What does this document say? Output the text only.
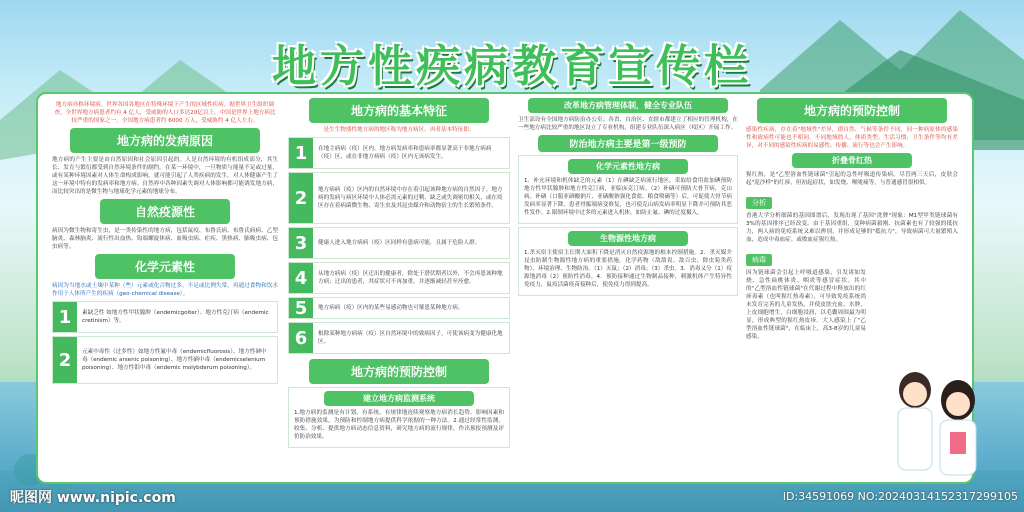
地方性疾病教育宣传栏
地方病亦称环境病。世界各国各地区在特殊环境下产生的区域性疾病。据世界卫生组织调查，全世界地方病患者约有 4 亿人，受威胁的人口多达20亿以上。中国是世界上地方病比较严重的国家之一，全国地方病患者约 6000 万人，受威胁约 4 亿人左右。
地方病的发病原因
地方病的产生主要是由自然原因和社会原因引起的。人是自然环境的有机组成部分，其生长、发育与繁衍都受到自然环境条件的制约。在某一环境中，一旦物质与能量不足或过量，或有某种环境因素对人体生命构成影响，就可能引起了人类疾病的发生。对人体健康产生了这一环境中特有的发病率和地方病。自然界中各种因素失调对人体影响都可能诱发地方病，而比较突出的是微生物与地球化学元素的地球分布。
自然疫源性
病因为微生物和寄生虫，是一类传染性的地方病，包括鼠疫、布鲁氏病、布鲁氏病病、乙型脑炎、森林脑炎、流行性出血热、钩端螺旋体病、血吸虫病、疟疾、黑热病、肺吸虫病、包虫病等。
化学元素性
病因为当地水或土壤中某种（些）元素或化合物过多、不足或比例失常，再通过食物和饮水作用于人体所产生的疾病（geo-chemical disease）。
1	素缺乏性 如地方性甲状腺肿（endemicgoiter）、地方性克汀病（endemic cretinism）等。
2	元素中毒性（过多性）如地方性氟中毒（endemicfluorosis）、地方性砷中毒（endemic arsenic poisoning）、地方性硒中毒（endemicselenium poisoning）、地方性钼中毒（endemic molybderum poisoning）。
地方病的基本特征
是生生物器性地方病的地区称为地方病区。再者基本特征即。
1	在地主病病（疫）区内，地方病发病率和患病率都显著高于非地方病病（疫）区，或在非地方病病（疫）区内无该病发生。
2	地方病病（疫）区内的自然环境中存在着引起该种地方病的自然因子。地方病的发病与病区环境中人体必需元素的过剩、缺乏或失调密切相关，或在疫区存在着病菌微生物、寄生虫及其昆虫媒介和动物宿主的生长繁殖条件。
3	健康人进入地方病病（疫）区同样有患病可能，且属于危险人群。
4	从地方病病（疫）区迁出的健康者，除处于潜伏期者以外，不会再患该种地方病；迁出的患者，其症状可不再加重，并逐渐减轻甚至痊愈。
5	地方病病（疫）区内的某些易感动物也可罹患某种地方病。
6	根除某种地方病病（疫）区自然环境中的致病因子，可使该病变为健康化地区。
地方病的预防控制
建立地方病监测系统
1.地方病的监测是有计划、有系统、有规律地连续观察地方病消长趋势、影响因素和预防措施效果，为预防和控制地方病提供科学依据的一种方法。2.通过经常性监测，收集、分析、提供地方病动态信息资料，研究地方病的流行规律，作出预报预测及评价防治效果。
改革地方病管理体制，健全专业队伍
卫生部设有全国地方病防治办公室；各省、自治区、直辖市都建立了相应的管理机构，在一些地方病比较严重的地区设立了专业机构，组建专业队伍深入病区（疫区）开展工作。
防治地方病主要是第一级预防
化学元素性地方病
1．补充环境和机体缺乏的元素（1）在碘缺乏病流行地区，采取给食用盐加碘预防地方性甲状腺肿和地方性克汀病，亚临床克汀病。（2）补硒可预防大骨节病，克山病。补硒（口服亚硒酸钠片、亚硒酸钠强化食盐、粮食喷硒等）后，可促使大骨节病发病率显著下降，患者骨骺端病变修复，也可使克山病发病率明显下降并可预防其恶性发作。2.限制环境中过多的元素进入机体，如防止氟、碘的过度摄入。
生物源性地方病
1.杀灭宿主使宿主长期大面积下降是消灭自然疫源地的根本控制措施。2．杀灭媒介昆虫防制生物源性地方病的重要措施。化学药物（敌敌畏、敌百虫、除虫菊类药物）、环境治理、生物防治。（1）灭鼠；（2）消毒；（3）杀虫。3．消毒又分（1）疫源地消毒（2）预防性消毒。4．预防接种通过生物制品接种，刺激机体产生特异性免疫力，鼠疫活菌疫苗接种后，使免疫力得到提高。
地方病的预防控制
感染性疾病，存在着"地域性"差异，即自然、气候等条件不同，同一种病原体的感染性和致病性可能也不相同。不同地域的人，体质类型、生活习惯、卫生条件等均有差异，对不同的感染性疾病的易感性、传播、流行等也会产生影响。
折叠骨红热
猩红热，是"乙型溶血性链球菌"引起的急性呼吸道传染病。尽管两三天后，皮肤会起"泥沙样"的红疹，但初起症状，如发烧、喉咙痛等，与普通感冒很相似。
分析
香港大学分析细菌的基因图谱后，发现出现了基因"洗牌"现象：M1型甲类链球菌有3%的基因排序已经改变。由于基因重组，变种病菌毅刚、抗菌素也有了较强的抵抗力，两人病的免疫系统又难以辨别，并形成足够的"抵抗力"，导致病菌可大量繁殖入血，造成中毒血症。或败血症猩红热。
病毒
因为链球菌会引起上呼吸道感染，引发诸如发烧、急性扁桃体炎、咽炎等感冒症状。其中的"乙型溶血性链球菌"在代谢过程中释放出的红疹毒素（也叫猩红热毒素），可导致免疫系统尚未发育完善的儿童发热，并使皮肤充血、水肿，上皮细胞增生，白细胞浸润，以毛囊周围最为明显，形成典型的猩红热皮疹。大人感染上了"乙型溶血性链球菌"，在临床上，高3-8岁的儿童易感染。
昵图网 www.nipic.com	ID:34591069 NO:20240314152317299105
